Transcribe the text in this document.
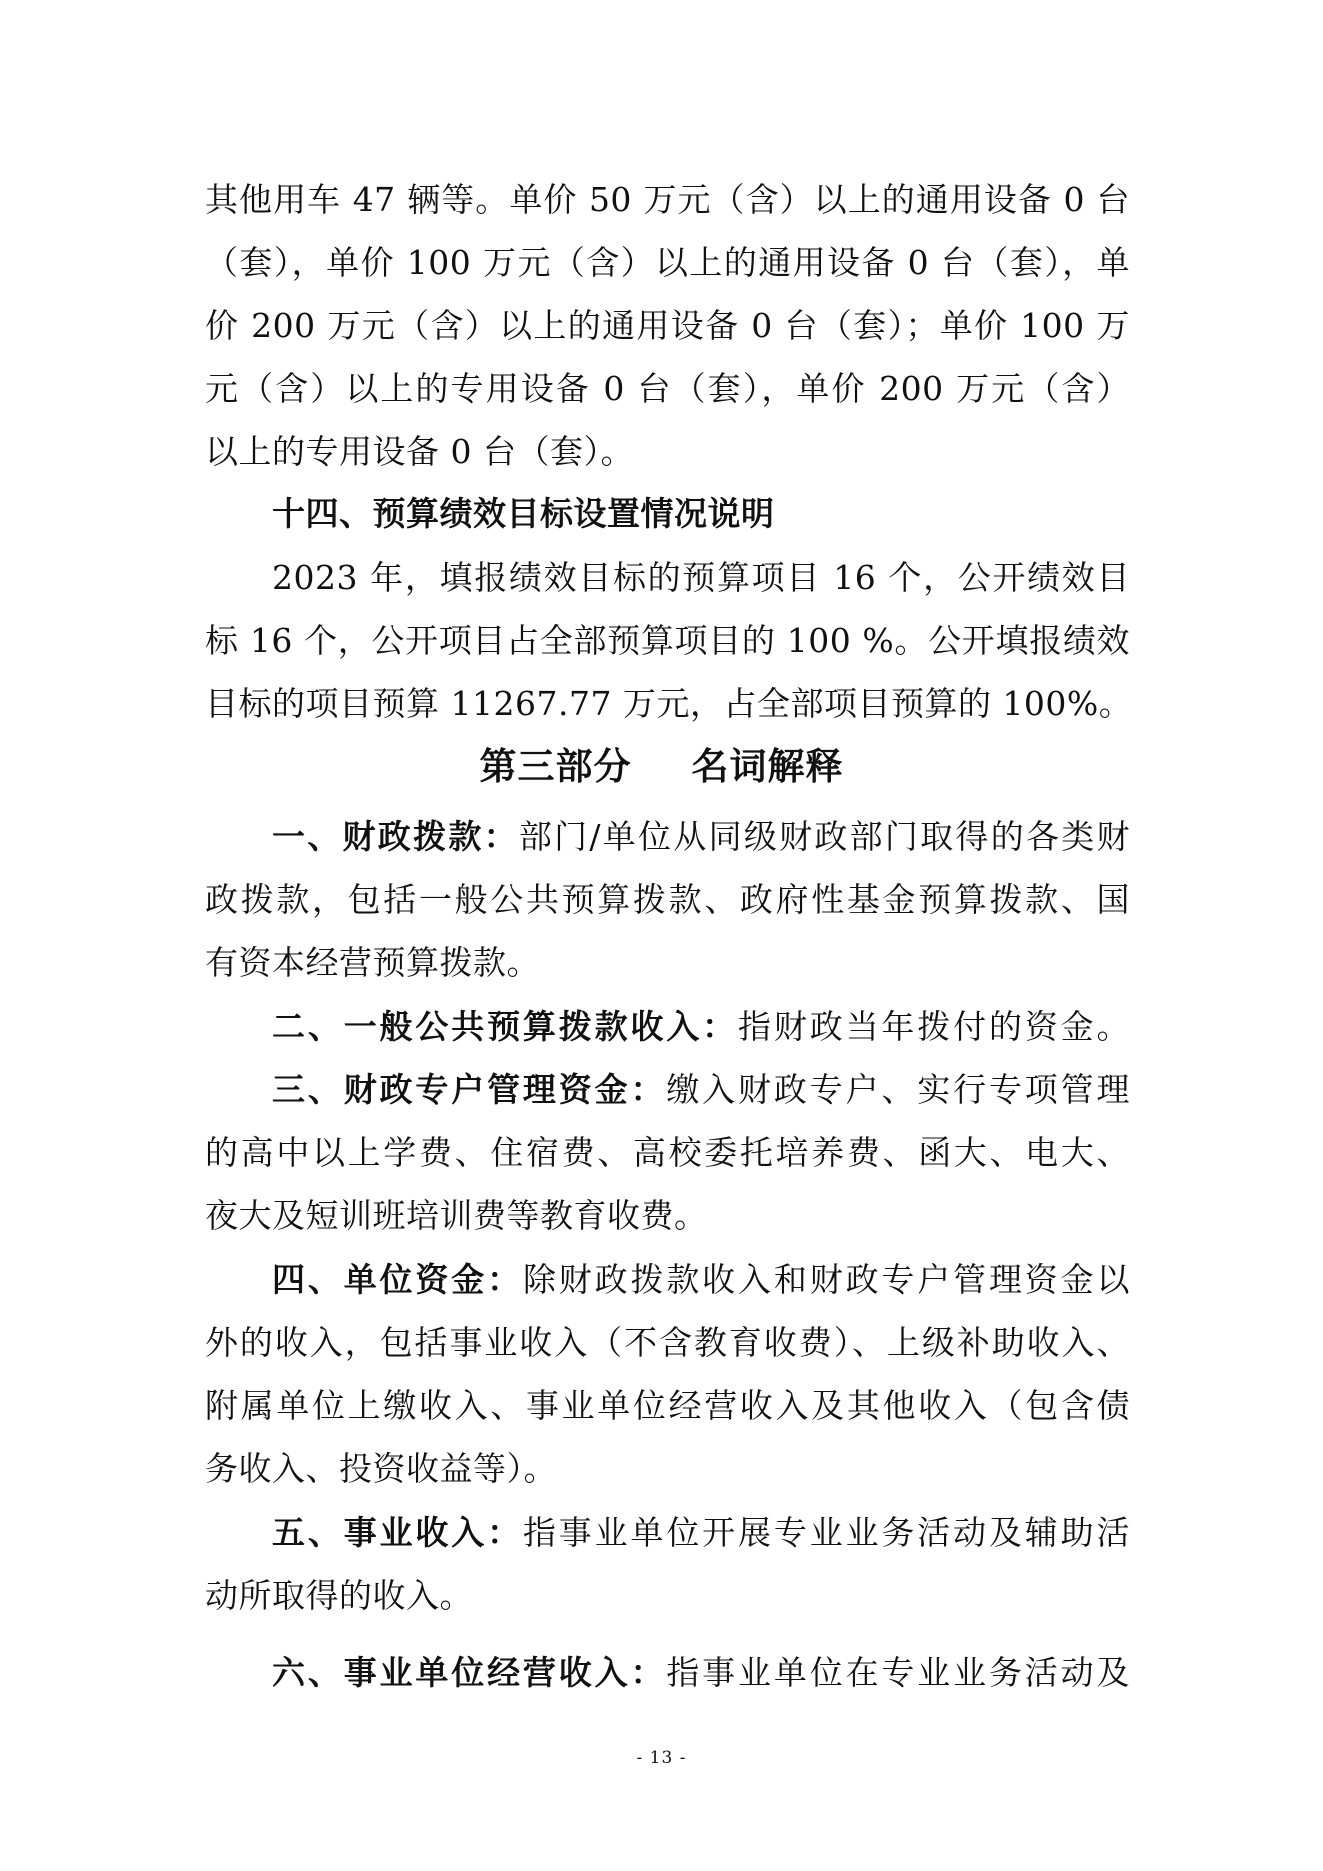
其他用车 47 辆等。单价 50 万元（含）以上的通用设备 0 台
（套），单价 100 万元（含）以上的通用设备 0 台（套），单
价 200 万元（含）以上的通用设备 0 台（套）；单价 100 万
元（含）以上的专用设备 0 台（套），单价 200 万元（含）
以上的专用设备 0 台（套）。
十四、预算绩效目标设置情况说明
2023 年，填报绩效目标的预算项目 16 个，公开绩效目
标 16 个，公开项目占全部预算项目的 100 %。公开填报绩效
目标的项目预算 11267.77 万元，占全部项目预算的 100%。
第三部分 名词解释
一、财政拨款：部门/单位从同级财政部门取得的各类财
政拨款，包括一般公共预算拨款、政府性基金预算拨款、国
有资本经营预算拨款。
二、一般公共预算拨款收入：指财政当年拨付的资金。
三、财政专户管理资金：缴入财政专户、实行专项管理
的高中以上学费、住宿费、高校委托培养费、函大、电大、
夜大及短训班培训费等教育收费。
四、单位资金：除财政拨款收入和财政专户管理资金以
外的收入，包括事业收入（不含教育收费）、上级补助收入、
附属单位上缴收入、事业单位经营收入及其他收入（包含债
务收入、投资收益等）。
五、事业收入：指事业单位开展专业业务活动及辅助活
动所取得的收入。
六、事业单位经营收入：指事业单位在专业业务活动及
- 13 -
